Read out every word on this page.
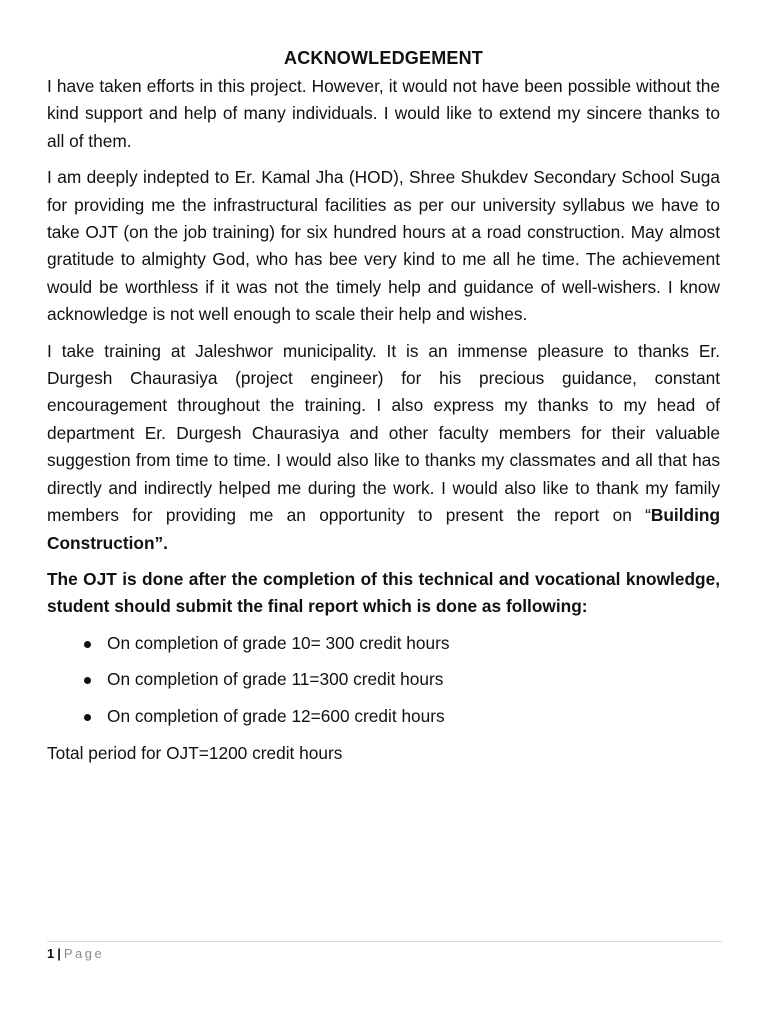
ACKNOWLEDGEMENT

I have taken efforts in this project. However, it would not have been possible without the kind support and help of many individuals. I would like to extend my sincere thanks to all of them.

I am deeply indepted to Er. Kamal Jha (HOD), Shree Shukdev Secondary School Suga for providing me the infrastructural facilities as per our university syllabus we have to take OJT (on the job training) for six hundred hours at a road construction. May almost gratitude to almighty God, who has bee very kind to me all he time. The achievement would be worthless if it was not the timely help and guidance of well-wishers. I know acknowledge is not well enough to scale their help and wishes.

I take training at Jaleshwor municipality. It is an immense pleasure to thanks Er. Durgesh Chaurasiya (project engineer) for his precious guidance, constant encouragement throughout the training. I also express my thanks to my head of department Er. Durgesh Chaurasiya and other faculty members for their valuable suggestion from time to time. I would also like to thanks my classmates and all that has directly and indirectly helped me during the work. I would also like to thank my family members for providing me an opportunity to present the report on “Building Construction”.

The OJT is done after the completion of this technical and vocational knowledge, student should submit the final report which is done as following:

On completion of grade 10= 300 credit hours
On completion of grade 11=300 credit hours
On completion of grade 12=600 credit hours

Total period for OJT=1200 credit hours

1 | Page
